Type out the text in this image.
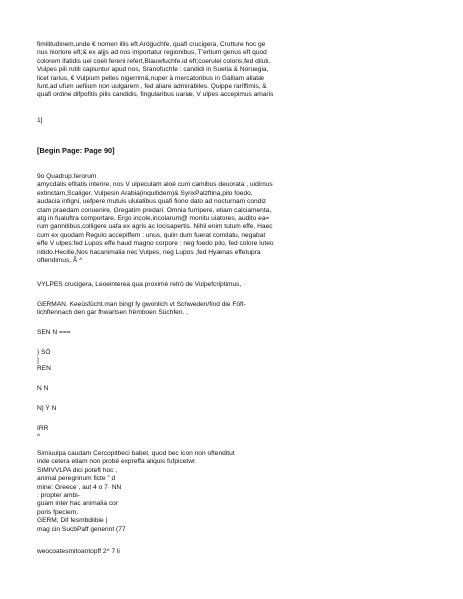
fimilitudinem,unde € nomen illis eft Aröguchfe, quafi crucigera, Crutture hoc ge
nus niorlore eft;& ex aljjs ad nos importatur regionibus, T'ertium genus eft quod
colorem ifatidis uel coeli fereni refert,Blauwfuchfe.id eft;coerulei coloris,fed diluti.
Vulpes pili rutili capiuntur apud nos, Sranofuchfe : candidi in Suetia & Noruegia,
licet rarius, € Vulpium pelles nigerrim&,nuper à mercatoribus in Galliam allatæ
funt,ad ufum uefiium non uulgarem , fed aliare admirabiles. Quippe rariffimis, &
quafi ordine difpofitis pilis candidis, fingularibus uariæ, V ulpes accepimus amaris
1]
[Begin Page: Page 90]
9o Quadrup.ferorum
amycdalis efitatis interire, nos V ulpeculam aloé cum camibus deuorata , uidimus
extinctam,Scaliger. Vulpesin Arabia(inquitidem)& SyrixPalzftina,pilo foedo,
audacia infigni, uefpere mutuis ululatibus quafi fiono dato ad nocturnam condiz
ctam praedam conuenire, Gregatim predari. Omnia furripere, etiam calciamenta,
atg in fualuftra comportare, Ergo incole,incolarum@ monitu uiatores, audito ea=
rum gannitibus,colligere uafa ex agris ac locisapertis. Nihil enim tutum effe, Haec
cum ex quodam Regulo accepiffem : unus, quiin dum fuerat comitatu, negabat
effe V ulpes:fed Lupos effe haud magno corpore : neg foedo pilo, fed colore luteo
nitido.Hecille,Nos hacanimalia nec Vulpes, neg Lupos ,fed Hyænas effetupra
oftendimus, Â ^
VYLPES crucigera, Leoeinterea qua proximé retrò de Vulpefcriptimus, ·
GERMAN. Keeüsfücht.man bingt fy gwonlich vt Schweden/find die Föft-
lichftennach den gar fhwartsen frëmboen Süchfen. ,
SEN N ===
} SÖ
]
REN
N N
N] Ÿ N
IRR
^
Simiuulpa caudam Cercopitbeci babet, quod bec icon non oftenditut
inde cetera etiam non probé expreffa aliquis fufpicetwr.
SIMIVVLPA dici poteft hoc ,
animal peregrinum ficte " d
mine: Greece , aut 4 o 7· NN
: propter ambi-
guam inter hac animalia cor
poris fpeciem.
GERM, Dif fesmbdiibie |
mag cin SucbPaff genennt (77
weocoatesmitoantopff 2^ 7 li
